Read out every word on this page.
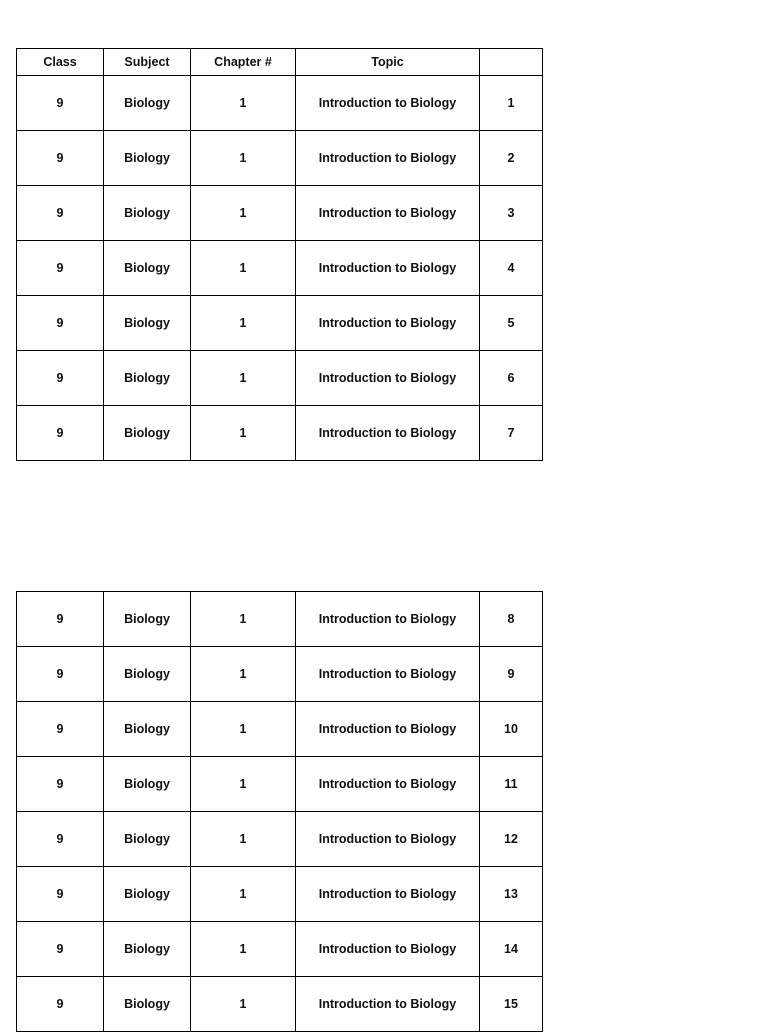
Class	Subject	Chapter #	Topic	
9	Biology	1	Introduction to Biology	1
9	Biology	1	Introduction to Biology	2
9	Biology	1	Introduction to Biology	3
9	Biology	1	Introduction to Biology	4
9	Biology	1	Introduction to Biology	5
9	Biology	1	Introduction to Biology	6
9	Biology	1	Introduction to Biology	7
9	Biology	1	Introduction to Biology	8
9	Biology	1	Introduction to Biology	9
9	Biology	1	Introduction to Biology	10
9	Biology	1	Introduction to Biology	11
9	Biology	1	Introduction to Biology	12
9	Biology	1	Introduction to Biology	13
9	Biology	1	Introduction to Biology	14
9	Biology	1	Introduction to Biology	15
